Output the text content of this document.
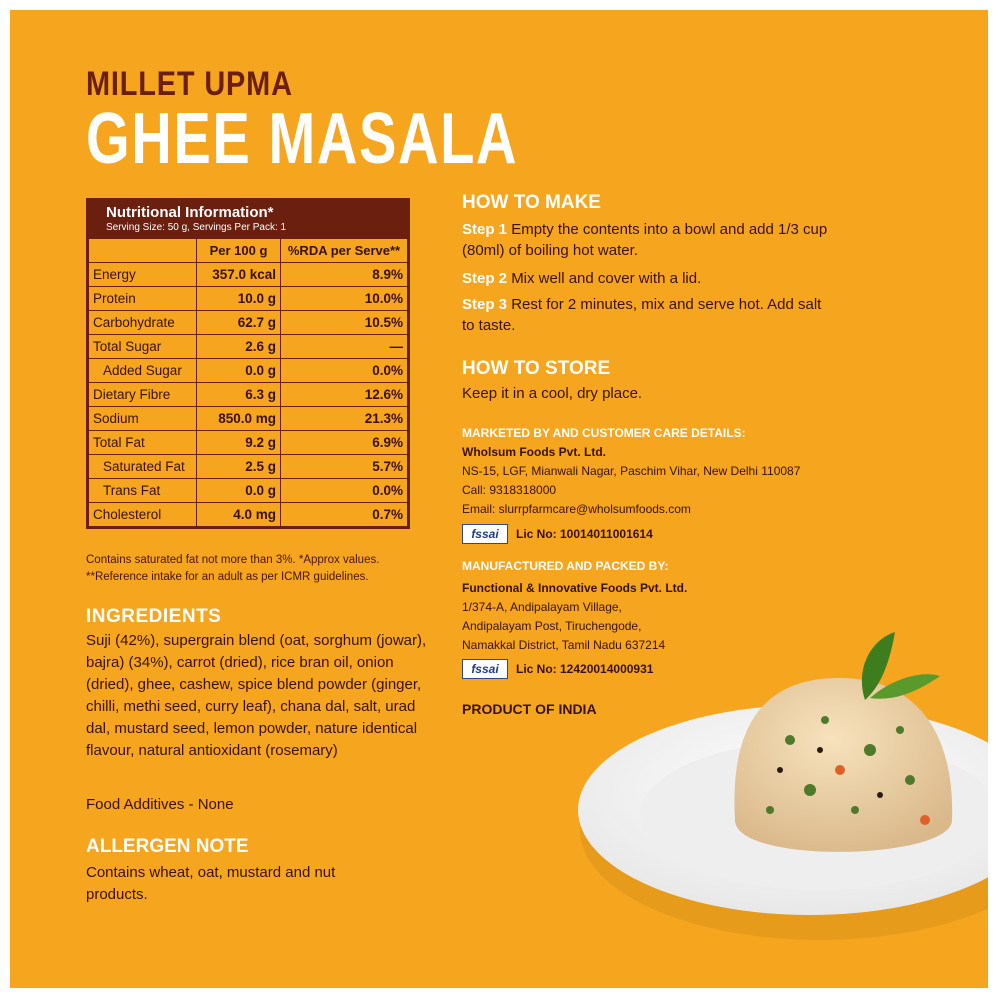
MILLET UPMA
GHEE MASALA
Nutritional Information*
Serving Size: 50 g, Servings Per Pack: 1
	Per 100 g	%RDA per Serve**
Energy	357.0 kcal	8.9%
Protein	10.0 g	10.0%
Carbohydrate	62.7 g	10.5%
Total Sugar	2.6 g	—
Added Sugar	0.0 g	0.0%
Dietary Fibre	6.3 g	12.6%
Sodium	850.0 mg	21.3%
Total Fat	9.2 g	6.9%
Saturated Fat	2.5 g	5.7%
Trans Fat	0.0 g	0.0%
Cholesterol	4.0 mg	0.7%
Contains saturated fat not more than 3%. *Approx values.
**Reference intake for an adult as per ICMR guidelines.
INGREDIENTS
Suji (42%), supergrain blend (oat, sorghum (jowar), bajra) (34%), carrot (dried), rice bran oil, onion (dried), ghee, cashew, spice blend powder (ginger, chilli, methi seed, curry leaf), chana dal, salt, urad dal, mustard seed, lemon powder, nature identical flavour, natural antioxidant (rosemary)
Food Additives - None
ALLERGEN NOTE
Contains wheat, oat, mustard and nut products.
HOW TO MAKE
Step 1 Empty the contents into a bowl and add 1/3 cup (80ml) of boiling hot water.
Step 2 Mix well and cover with a lid.
Step 3 Rest for 2 minutes, mix and serve hot. Add salt to taste.
HOW TO STORE
Keep it in a cool, dry place.
MARKETED BY AND CUSTOMER CARE DETAILS:
Wholsum Foods Pvt. Ltd.
NS-15, LGF, Mianwali Nagar, Paschim Vihar, New Delhi 110087
Call: 9318318000
Email: slurrpfarmcare@wholsumfoods.com
fssai	Lic No: 10014011001614
MANUFACTURED AND PACKED BY:
Functional & Innovative Foods Pvt. Ltd.
1/374-A, Andipalayam Village,
Andipalayam Post, Tiruchengode,
Namakkal District, Tamil Nadu 637214
fssai	Lic No: 12420014000931
PRODUCT OF INDIA
